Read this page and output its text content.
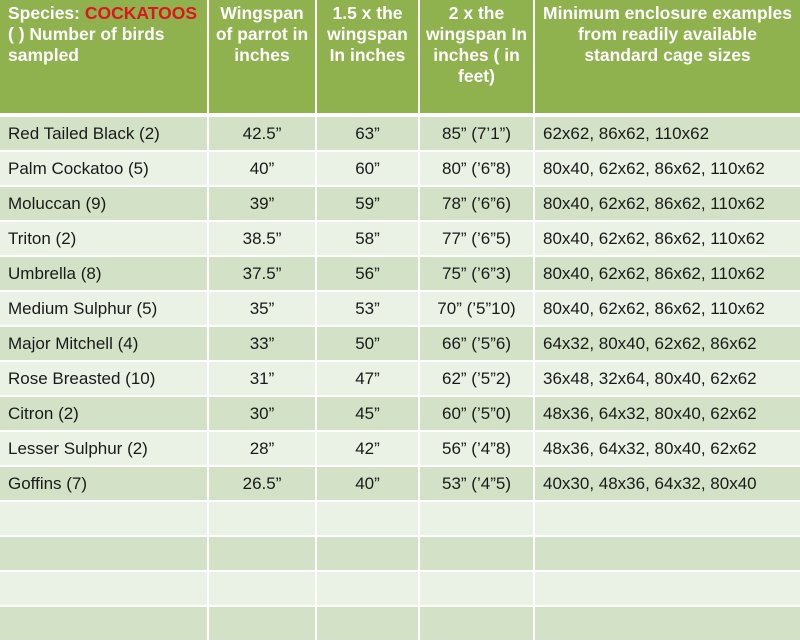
Species: COCKATOOS
( ) Number of birds sampled	Wingspan of parrot in inches	1.5 x the wingspan In inches	2 x the wingspan In inches ( in feet)	Minimum enclosure examples from readily available standard cage sizes
Red Tailed Black (2)	42.5”	63”	85” (7’1”)	62x62, 86x62, 110x62
Palm Cockatoo (5)	40”	60”	80” (’6”8)	80x40, 62x62, 86x62, 110x62
Moluccan (9)	39”	59”	78” (’6”6)	80x40, 62x62, 86x62, 110x62
Triton (2)	38.5”	58”	77” (’6”5)	80x40, 62x62, 86x62, 110x62
Umbrella (8)	37.5”	56”	75” (’6”3)	80x40, 62x62, 86x62, 110x62
Medium Sulphur (5)	35”	53”	70” (’5”10)	80x40, 62x62, 86x62, 110x62
Major Mitchell (4)	33”	50”	66” (’5”6)	64x32, 80x40, 62x62, 86x62
Rose Breasted (10)	31”	47”	62” (’5”2)	36x48, 32x64, 80x40, 62x62
Citron (2)	30”	45”	60” (’5”0)	48x36, 64x32, 80x40, 62x62
Lesser Sulphur (2)	28”	42”	56” (’4”8)	48x36, 64x32, 80x40, 62x62
Goffins (7)	26.5”	40”	53” (’4”5)	40x30, 48x36, 64x32, 80x40
